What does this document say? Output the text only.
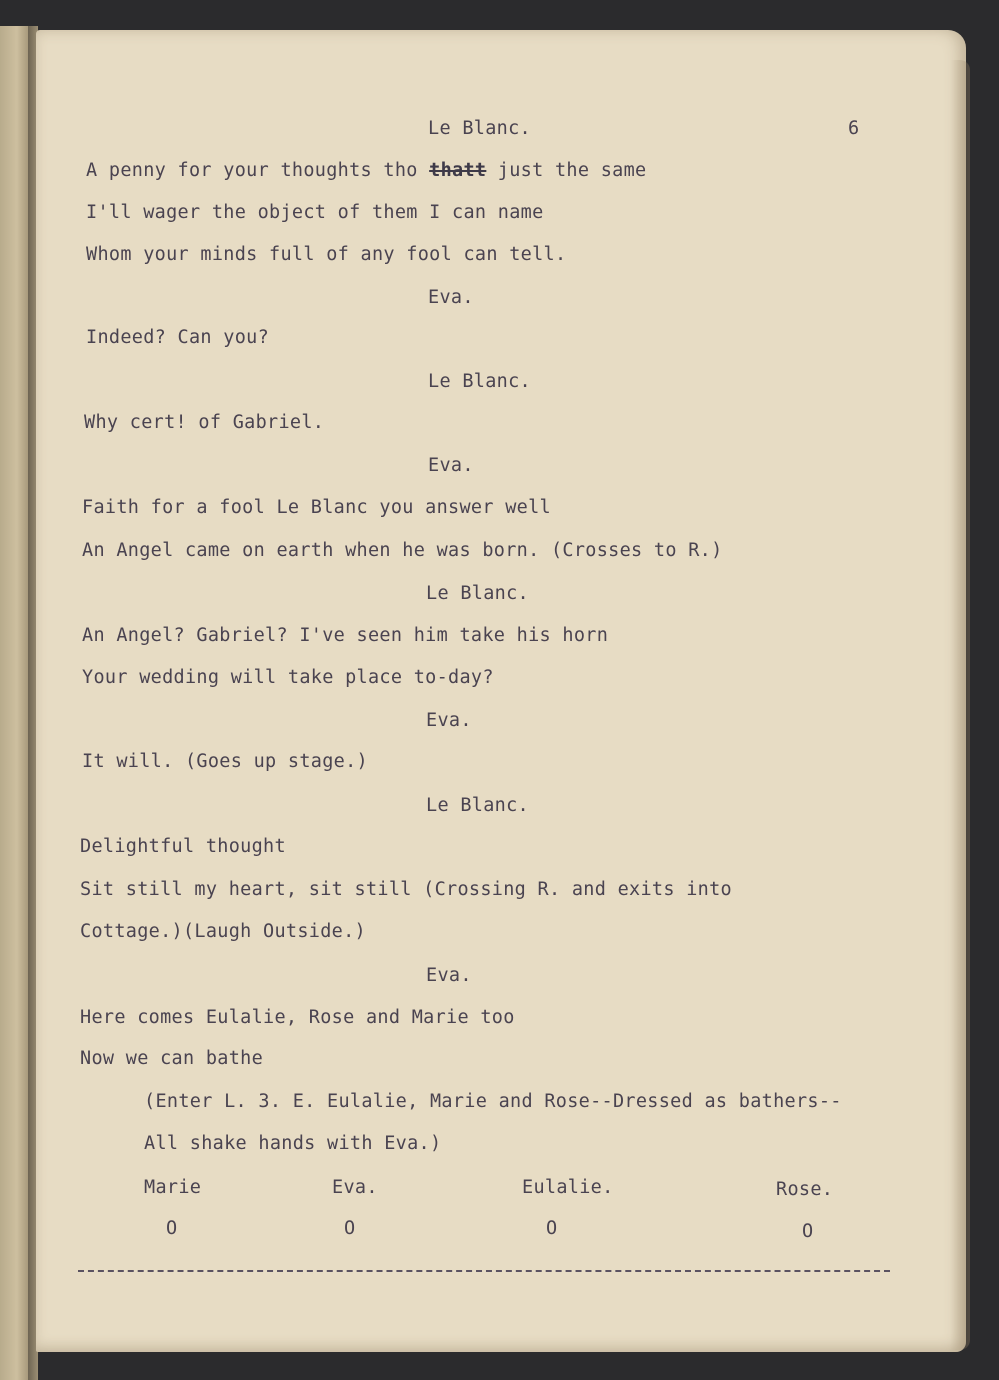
Le Blanc.	6
A penny for your thoughts tho thatt just the same
I'll wager the object of them I can name
Whom your minds full of any fool can tell.
Eva.
Indeed? Can you?
Le Blanc.
Why cert! of Gabriel.
Eva.
Faith for a fool Le Blanc you answer well
An Angel came on earth when he was born. (Crosses to R.)
Le Blanc.
An Angel? Gabriel? I've seen him take his horn
Your wedding will take place to-day?
Eva.
It will. (Goes up stage.)
Le Blanc.
Delightful thought
Sit still my heart, sit still (Crossing R. and exits into
Cottage.)(Laugh Outside.)
Eva.
Here comes Eulalie, Rose and Marie too
Now we can bathe
(Enter L. 3. E. Eulalie, Marie and Rose--Dressed as bathers--
All shake hands with Eva.)
Marie	Eva.	Eulalie.	Rose.
O	O	O	O
